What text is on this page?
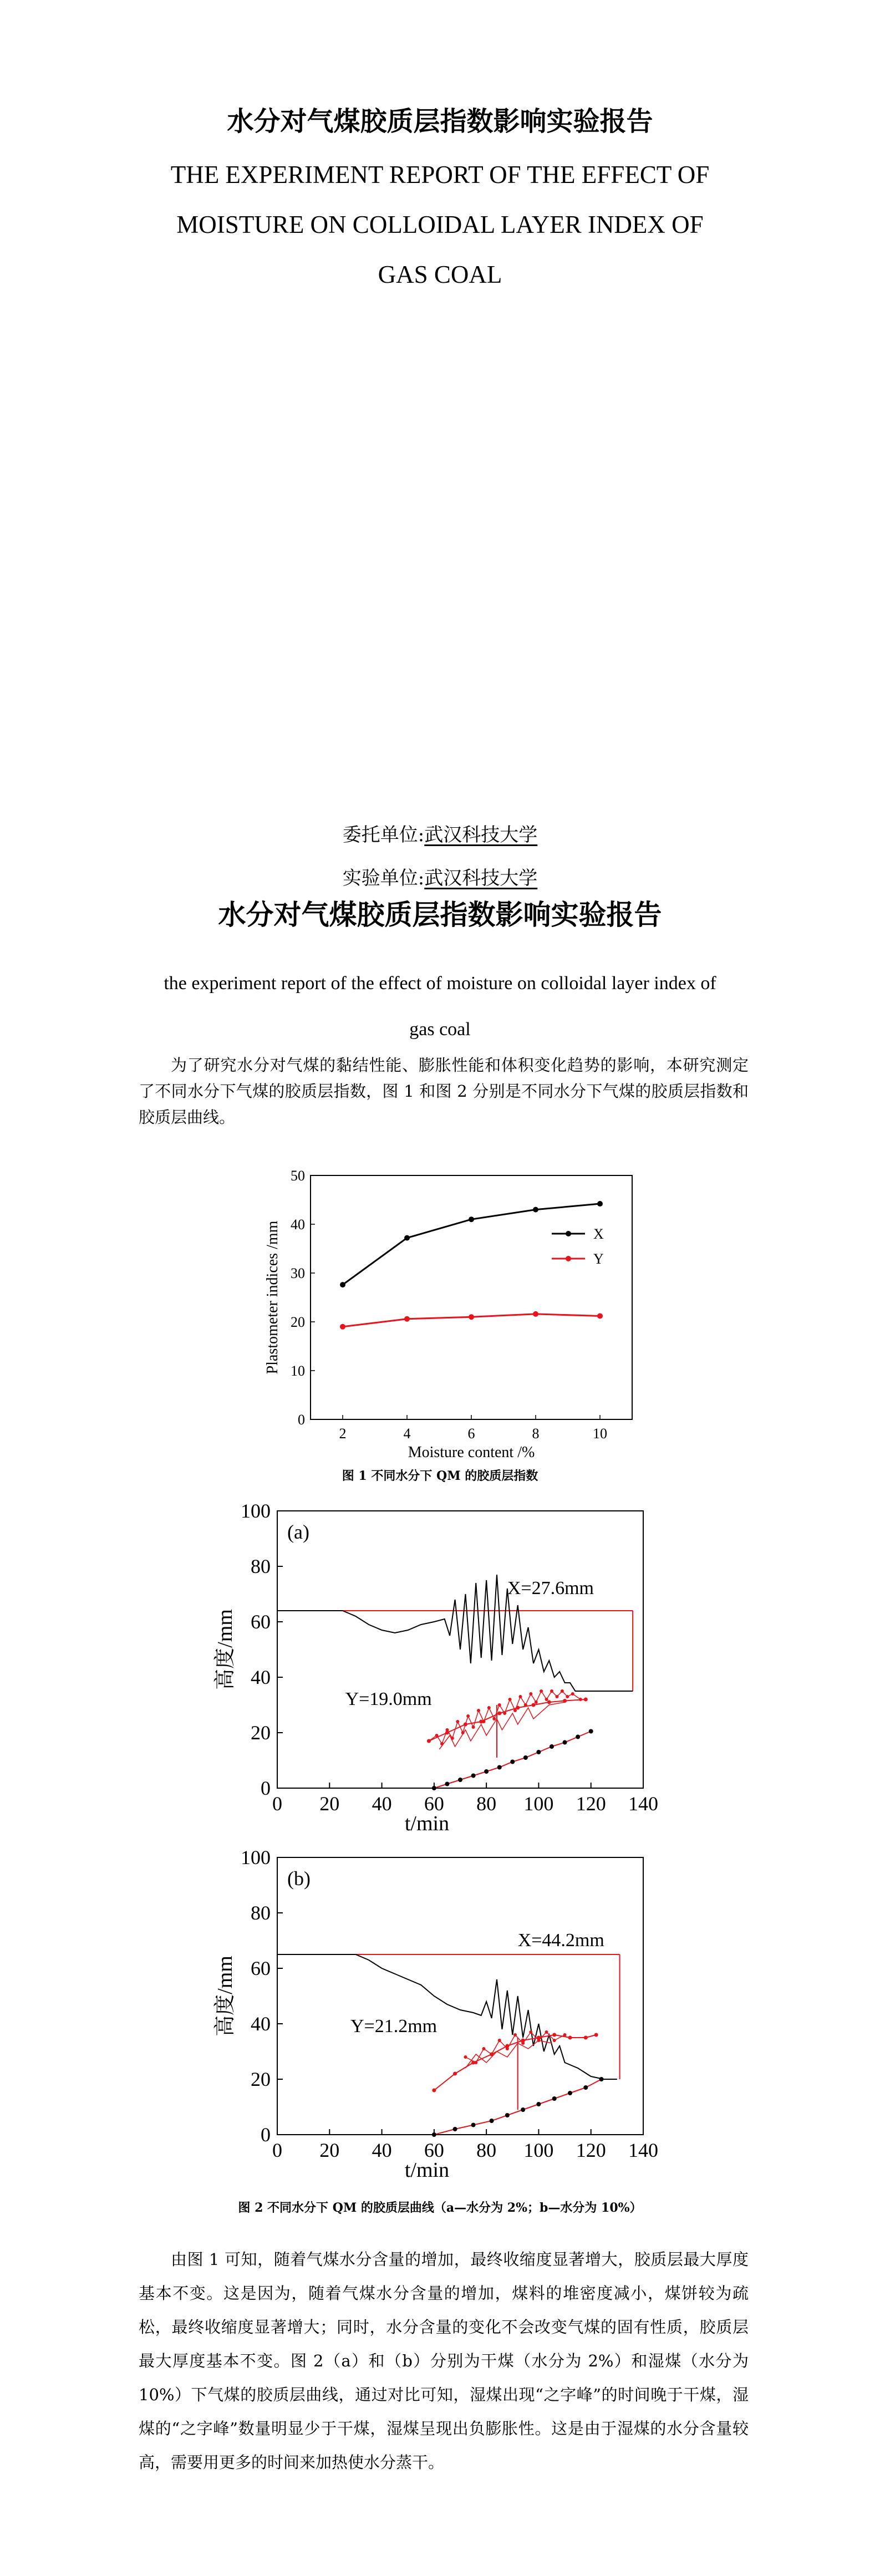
水分对气煤胶质层指数影响实验报告
THE EXPERIMENT REPORT OF THE EFFECT OF
MOISTURE ON COLLOIDAL LAYER INDEX OF
GAS COAL
委托单位:武汉科技大学
实验单位:武汉科技大学
水分对气煤胶质层指数影响实验报告
the experiment report of the effect of moisture on colloidal layer index of
gas coal
为了研究水分对气煤的黏结性能、膨胀性能和体积变化趋势的影响，本研究测定了不同水分下气煤的胶质层指数，图 1 和图 2 分别是不同水分下气煤的胶质层指数和胶质层曲线。
0
10
20
30
40
50
2	4	6	8	10
Moisture content /%
Plastometer indices /mm	X
Y
图 1 不同水分下 QM 的胶质层指数
0
20
40
60
80
100
0 20 40 60 80 100 120 140
t/min
高度/mm
(a)
X=27.6mm
Y=19.0mm
0
20
40
60
80
100
0 20 40 60 80 100 120 140
t/min
高度/mm
(b)
X=44.2mm
Y=21.2mm
图 2 不同水分下 QM 的胶质层曲线（a—水分为 2%；b—水分为 10%）
由图 1 可知，随着气煤水分含量的增加，最终收缩度显著增大，胶质层最大厚度基本不变。这是因为，随着气煤水分含量的增加，煤料的堆密度减小，煤饼较为疏松，最终收缩度显著增大；同时，水分含量的变化不会改变气煤的固有性质，胶质层最大厚度基本不变。图 2（a）和（b）分别为干煤（水分为 2%）和湿煤（水分为 10%）下气煤的胶质层曲线，通过对比可知，湿煤出现“之字峰”的时间晚于干煤，湿煤的“之字峰”数量明显少于干煤，湿煤呈现出负膨胀性。这是由于湿煤的水分含量较高，需要用更多的时间来加热使水分蒸干。
